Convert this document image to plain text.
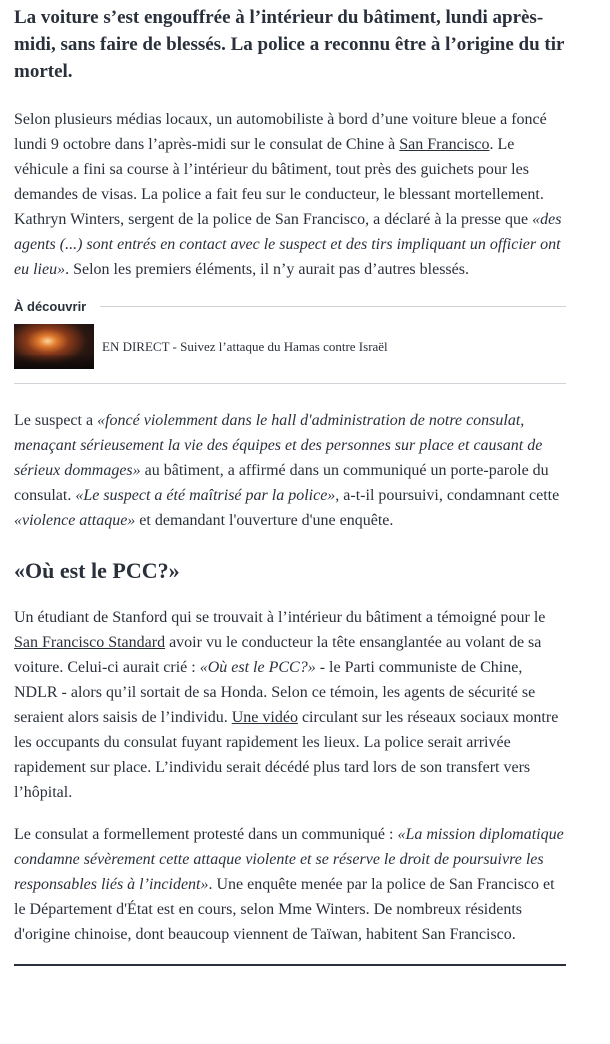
La voiture s’est engouffrée à l’intérieur du bâtiment, lundi après-midi, sans faire de blessés. La police a reconnu être à l’origine du tir mortel.

Selon plusieurs médias locaux, un automobiliste à bord d’une voiture bleue a foncé lundi 9 octobre dans l’après-midi sur le consulat de Chine à San Francisco. Le véhicule a fini sa course à l’intérieur du bâtiment, tout près des guichets pour les demandes de visas. La police a fait feu sur le conducteur, le blessant mortellement. Kathryn Winters, sergent de la police de San Francisco, a déclaré à la presse que «des agents (...) sont entrés en contact avec le suspect et des tirs impliquant un officier ont eu lieu». Selon les premiers éléments, il n’y aurait pas d’autres blessés.

À découvrir
EN DIRECT - Suivez l’attaque du Hamas contre Israël

Le suspect a «foncé violemment dans le hall d'administration de notre consulat, menaçant sérieusement la vie des équipes et des personnes sur place et causant de sérieux dommages» au bâtiment, a affirmé dans un communiqué un porte-parole du consulat. «Le suspect a été maîtrisé par la police», a-t-il poursuivi, condamnant cette «violence attaque» et demandant l'ouverture d'une enquête.

«Où est le PCC?»

Un étudiant de Stanford qui se trouvait à l’intérieur du bâtiment a témoigné pour le San Francisco Standard avoir vu le conducteur la tête ensanglantée au volant de sa voiture. Celui-ci aurait crié : «Où est le PCC?» - le Parti communiste de Chine, NDLR - alors qu’il sortait de sa Honda. Selon ce témoin, les agents de sécurité se seraient alors saisis de l’individu. Une vidéo circulant sur les réseaux sociaux montre les occupants du consulat fuyant rapidement les lieux. La police serait arrivée rapidement sur place. L’individu serait décédé plus tard lors de son transfert vers l’hôpital.

Le consulat a formellement protesté dans un communiqué : «La mission diplomatique condamne sévèrement cette attaque violente et se réserve le droit de poursuivre les responsables liés à l’incident». Une enquête menée par la police de San Francisco et le Département d'État est en cours, selon Mme Winters. De nombreux résidents d'origine chinoise, dont beaucoup viennent de Taïwan, habitent San Francisco.
